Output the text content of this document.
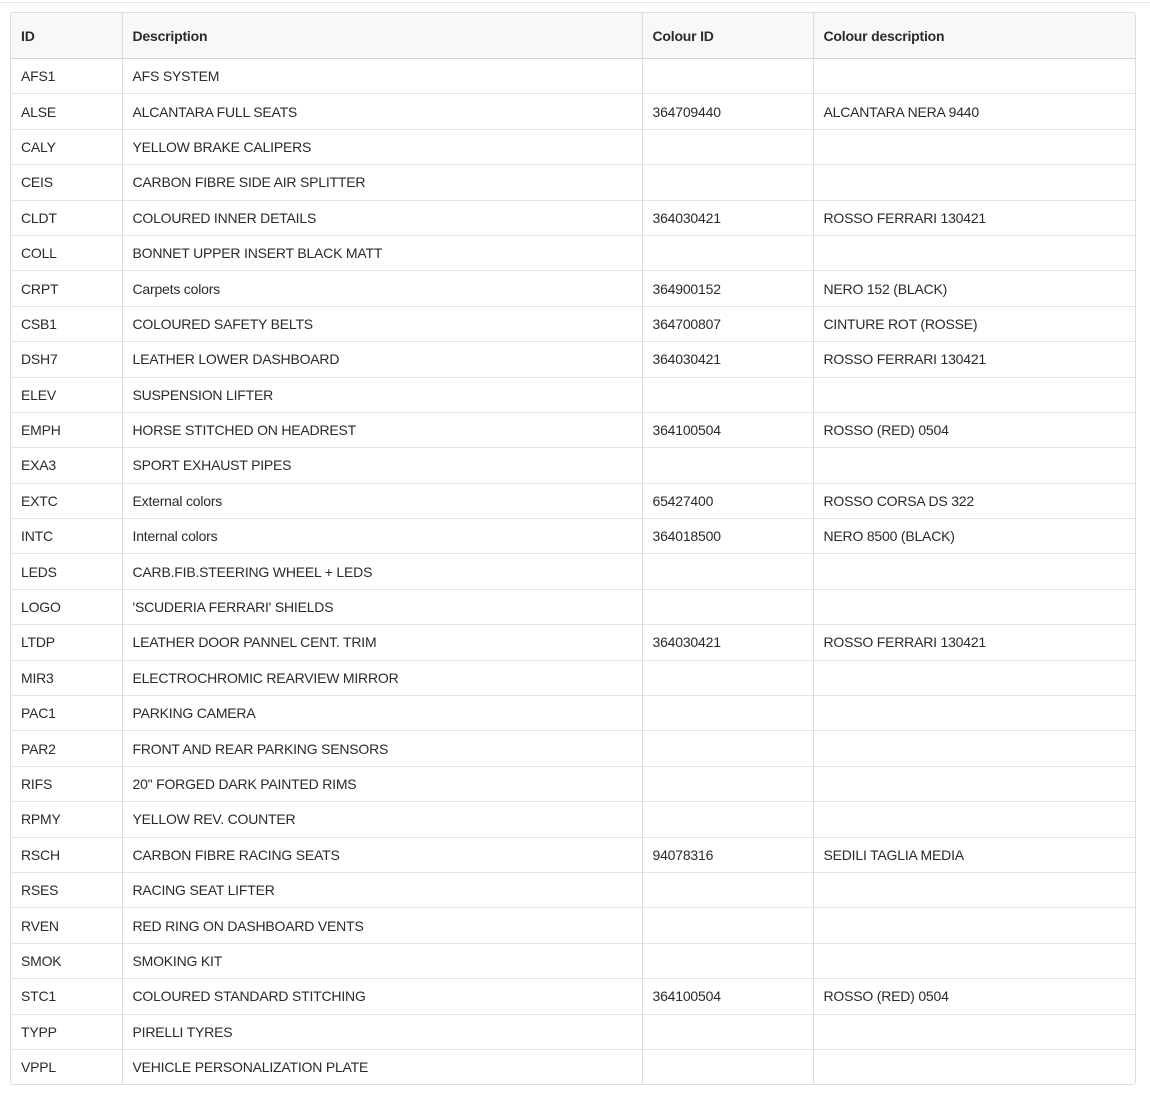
ID	Description	Colour ID	Colour description
AFS1	AFS SYSTEM		
ALSE	ALCANTARA FULL SEATS	364709440	ALCANTARA NERA 9440
CALY	YELLOW BRAKE CALIPERS		
CEIS	CARBON FIBRE SIDE AIR SPLITTER		
CLDT	COLOURED INNER DETAILS	364030421	ROSSO FERRARI 130421
COLL	BONNET UPPER INSERT BLACK MATT		
CRPT	Carpets colors	364900152	NERO 152 (BLACK)
CSB1	COLOURED SAFETY BELTS	364700807	CINTURE ROT (ROSSE)
DSH7	LEATHER LOWER DASHBOARD	364030421	ROSSO FERRARI 130421
ELEV	SUSPENSION LIFTER		
EMPH	HORSE STITCHED ON HEADREST	364100504	ROSSO (RED) 0504
EXA3	SPORT EXHAUST PIPES		
EXTC	External colors	65427400	ROSSO CORSA DS 322
INTC	Internal colors	364018500	NERO 8500 (BLACK)
LEDS	CARB.FIB.STEERING WHEEL + LEDS		
LOGO	'SCUDERIA FERRARI' SHIELDS		
LTDP	LEATHER DOOR PANNEL CENT. TRIM	364030421	ROSSO FERRARI 130421
MIR3	ELECTROCHROMIC REARVIEW MIRROR		
PAC1	PARKING CAMERA		
PAR2	FRONT AND REAR PARKING SENSORS		
RIFS	20" FORGED DARK PAINTED RIMS		
RPMY	YELLOW REV. COUNTER		
RSCH	CARBON FIBRE RACING SEATS	94078316	SEDILI TAGLIA MEDIA
RSES	RACING SEAT LIFTER		
RVEN	RED RING ON DASHBOARD VENTS		
SMOK	SMOKING KIT		
STC1	COLOURED STANDARD STITCHING	364100504	ROSSO (RED) 0504
TYPP	PIRELLI TYRES		
VPPL	VEHICLE PERSONALIZATION PLATE		
